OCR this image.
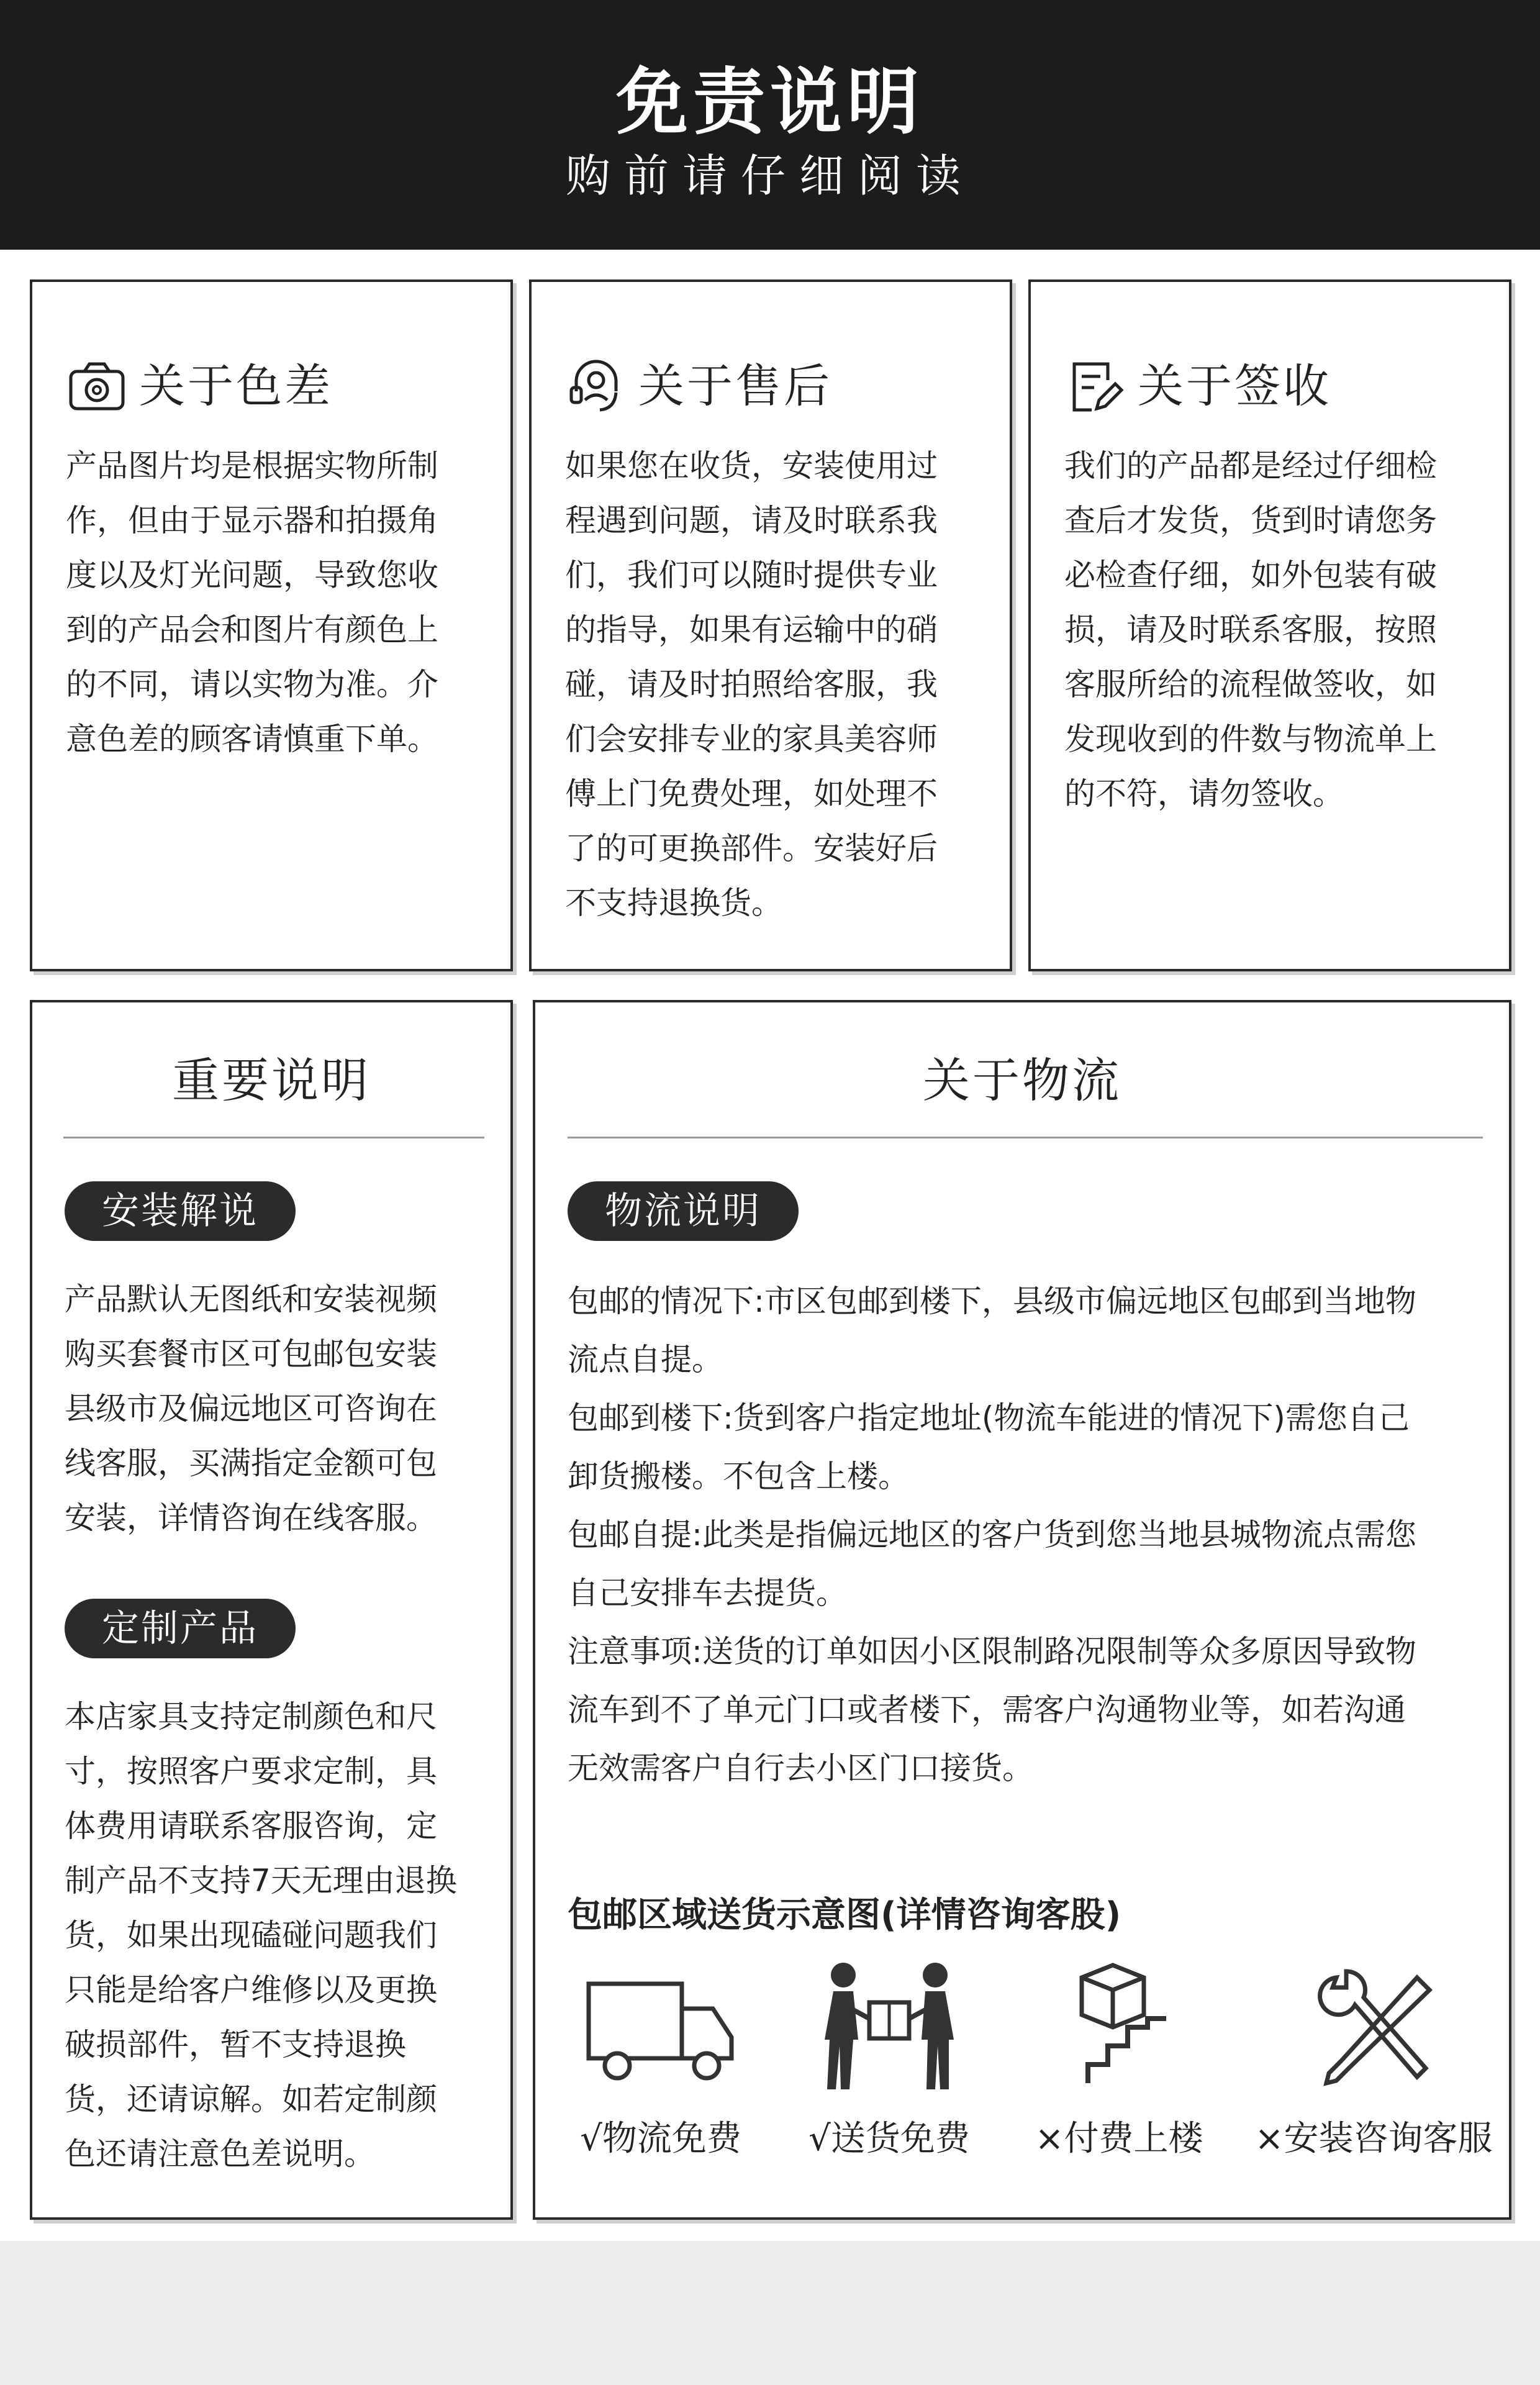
免责说明
购前请仔细阅读
关于色差
产品图片均是根据实物所制
作，但由于显示器和拍摄角
度以及灯光问题，导致您收
到的产品会和图片有颜色上
的不同，请以实物为准。介
意色差的顾客请慎重下单。
关于售后
如果您在收货，安装使用过
程遇到问题，请及时联系我
们，我们可以随时提供专业
的指导，如果有运输中的硝
碰，请及时拍照给客服，我
们会安排专业的家具美容师
傅上门免费处理，如处理不
了的可更换部件。安装好后
不支持退换货。
关于签收
我们的产品都是经过仔细检
查后才发货，货到时请您务
必检查仔细，如外包装有破
损，请及时联系客服，按照
客服所给的流程做签收，如
发现收到的件数与物流单上
的不符，请勿签收。
重要说明
安装解说
产品默认无图纸和安装视频
购买套餐市区可包邮包安装
县级市及偏远地区可咨询在
线客服，买满指定金额可包
安装，详情咨询在线客服。
定制产品
本店家具支持定制颜色和尺
寸，按照客户要求定制，具
体费用请联系客服咨询，定
制产品不支持7天无理由退换
货，如果出现磕碰问题我们
只能是给客户维修以及更换
破损部件，暂不支持退换
货，还请谅解。如若定制颜
色还请注意色差说明。
关于物流
物流说明
包邮的情况下:市区包邮到楼下，县级市偏远地区包邮到当地物
流点自提。
包邮到楼下:货到客户指定地址(物流车能进的情况下)需您自己
卸货搬楼。不包含上楼。
包邮自提:此类是指偏远地区的客户货到您当地县城物流点需您
自己安排车去提货。
注意事项:送货的订单如因小区限制路况限制等众多原因导致物
流车到不了单元门口或者楼下，需客户沟通物业等，如若沟通
无效需客户自行去小区门口接货。
包邮区域送货示意图(详情咨询客股)
√物流免费	√送货免费	×付费上楼	×安装咨询客服
